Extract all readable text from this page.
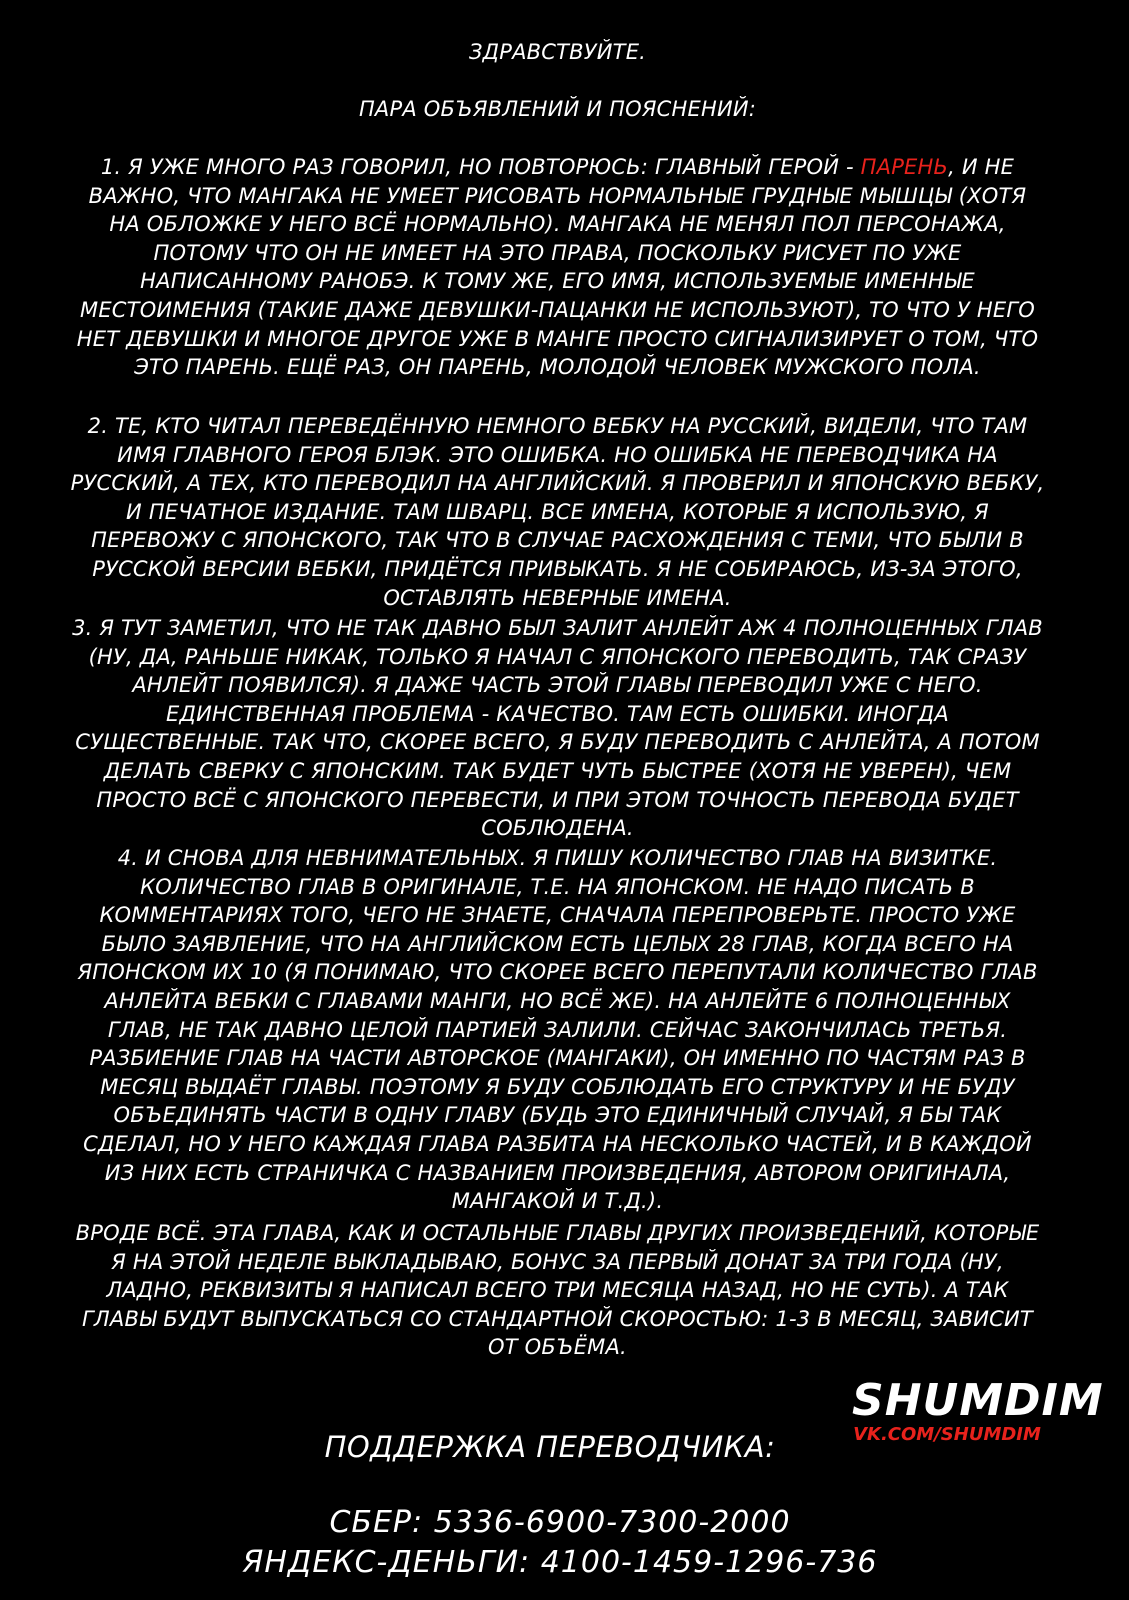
ЗДРАВСТВУЙТЕ.
ПАРА ОБЪЯВЛЕНИЙ И ПОЯСНЕНИЙ:
1. Я УЖЕ МНОГО РАЗ ГОВОРИЛ, НО ПОВТОРЮСЬ: ГЛАВНЫЙ ГЕРОЙ - ПАРЕНЬ, И НЕ ВАЖНО, ЧТО МАНГАКА НЕ УМЕЕТ РИСОВАТЬ НОРМАЛЬНЫЕ ГРУДНЫЕ МЫШЦЫ (ХОТЯ НА ОБЛОЖКЕ У НЕГО ВСЁ НОРМАЛЬНО). МАНГАКА НЕ МЕНЯЛ ПОЛ ПЕРСОНАЖА, ПОТОМУ ЧТО ОН НЕ ИМЕЕТ НА ЭТО ПРАВА, ПОСКОЛЬКУ РИСУЕТ ПО УЖЕ НАПИСАННОМУ РАНОБЭ. К ТОМУ ЖЕ, ЕГО ИМЯ, ИСПОЛЬЗУЕМЫЕ ИМЕННЫЕ МЕСТОИМЕНИЯ (ТАКИЕ ДАЖЕ ДЕВУШКИ-ПАЦАНКИ НЕ ИСПОЛЬЗУЮТ), ТО ЧТО У НЕГО НЕТ ДЕВУШКИ И МНОГОЕ ДРУГОЕ УЖЕ В МАНГЕ ПРОСТО СИГНАЛИЗИРУЕТ О ТОМ, ЧТО ЭТО ПАРЕНЬ. ЕЩЁ РАЗ, ОН ПАРЕНЬ, МОЛОДОЙ ЧЕЛОВЕК МУЖСКОГО ПОЛА.
2. ТЕ, КТО ЧИТАЛ ПЕРЕВЕДЁННУЮ НЕМНОГО ВЕБКУ НА РУССКИЙ, ВИДЕЛИ, ЧТО ТАМ ИМЯ ГЛАВНОГО ГЕРОЯ БЛЭК. ЭТО ОШИБКА. НО ОШИБКА НЕ ПЕРЕВОДЧИКА НА РУССКИЙ, А ТЕХ, КТО ПЕРЕВОДИЛ НА АНГЛИЙСКИЙ. Я ПРОВЕРИЛ И ЯПОНСКУЮ ВЕБКУ, И ПЕЧАТНОЕ ИЗДАНИЕ. ТАМ ШВАРЦ. ВСЕ ИМЕНА, КОТОРЫЕ Я ИСПОЛЬЗУЮ, Я ПЕРЕВОЖУ С ЯПОНСКОГО, ТАК ЧТО В СЛУЧАЕ РАСХОЖДЕНИЯ С ТЕМИ, ЧТО БЫЛИ В РУССКОЙ ВЕРСИИ ВЕБКИ, ПРИДЁТСЯ ПРИВЫКАТЬ. Я НЕ СОБИРАЮСЬ, ИЗ-ЗА ЭТОГО, ОСТАВЛЯТЬ НЕВЕРНЫЕ ИМЕНА.
3. Я ТУТ ЗАМЕТИЛ, ЧТО НЕ ТАК ДАВНО БЫЛ ЗАЛИТ АНЛЕЙТ АЖ 4 ПОЛНОЦЕННЫХ ГЛАВ (НУ, ДА, РАНЬШЕ НИКАК, ТОЛЬКО Я НАЧАЛ С ЯПОНСКОГО ПЕРЕВОДИТЬ, ТАК СРАЗУ АНЛЕЙТ ПОЯВИЛСЯ). Я ДАЖЕ ЧАСТЬ ЭТОЙ ГЛАВЫ ПЕРЕВОДИЛ УЖЕ С НЕГО. ЕДИНСТВЕННАЯ ПРОБЛЕМА - КАЧЕСТВО. ТАМ ЕСТЬ ОШИБКИ. ИНОГДА СУЩЕСТВЕННЫЕ. ТАК ЧТО, СКОРЕЕ ВСЕГО, Я БУДУ ПЕРЕВОДИТЬ С АНЛЕЙТА, А ПОТОМ ДЕЛАТЬ СВЕРКУ С ЯПОНСКИМ. ТАК БУДЕТ ЧУТЬ БЫСТРЕЕ (ХОТЯ НЕ УВЕРЕН), ЧЕМ ПРОСТО ВСЁ С ЯПОНСКОГО ПЕРЕВЕСТИ, И ПРИ ЭТОМ ТОЧНОСТЬ ПЕРЕВОДА БУДЕТ СОБЛЮДЕНА.
4. И СНОВА ДЛЯ НЕВНИМАТЕЛЬНЫХ. Я ПИШУ КОЛИЧЕСТВО ГЛАВ НА ВИЗИТКЕ. КОЛИЧЕСТВО ГЛАВ В ОРИГИНАЛЕ, Т.Е. НА ЯПОНСКОМ. НЕ НАДО ПИСАТЬ В КОММЕНТАРИЯХ ТОГО, ЧЕГО НЕ ЗНАЕТЕ, СНАЧАЛА ПЕРЕПРОВЕРЬТЕ. ПРОСТО УЖЕ БЫЛО ЗАЯВЛЕНИЕ, ЧТО НА АНГЛИЙСКОМ ЕСТЬ ЦЕЛЫХ 28 ГЛАВ, КОГДА ВСЕГО НА ЯПОНСКОМ ИХ 10 (Я ПОНИМАЮ, ЧТО СКОРЕЕ ВСЕГО ПЕРЕПУТАЛИ КОЛИЧЕСТВО ГЛАВ АНЛЕЙТА ВЕБКИ С ГЛАВАМИ МАНГИ, НО ВСЁ ЖЕ). НА АНЛЕЙТЕ 6 ПОЛНОЦЕННЫХ ГЛАВ, НЕ ТАК ДАВНО ЦЕЛОЙ ПАРТИЕЙ ЗАЛИЛИ. СЕЙЧАС ЗАКОНЧИЛАСЬ ТРЕТЬЯ. РАЗБИЕНИЕ ГЛАВ НА ЧАСТИ АВТОРСКОЕ (МАНГАКИ), ОН ИМЕННО ПО ЧАСТЯМ РАЗ В МЕСЯЦ ВЫДАЁТ ГЛАВЫ. ПОЭТОМУ Я БУДУ СОБЛЮДАТЬ ЕГО СТРУКТУРУ И НЕ БУДУ ОБЪЕДИНЯТЬ ЧАСТИ В ОДНУ ГЛАВУ (БУДЬ ЭТО ЕДИНИЧНЫЙ СЛУЧАЙ, Я БЫ ТАК СДЕЛАЛ, НО У НЕГО КАЖДАЯ ГЛАВА РАЗБИТА НА НЕСКОЛЬКО ЧАСТЕЙ, И В КАЖДОЙ ИЗ НИХ ЕСТЬ СТРАНИЧКА С НАЗВАНИЕМ ПРОИЗВЕДЕНИЯ, АВТОРОМ ОРИГИНАЛА, МАНГАКОЙ И Т.Д.).
ВРОДЕ ВСЁ. ЭТА ГЛАВА, КАК И ОСТАЛЬНЫЕ ГЛАВЫ ДРУГИХ ПРОИЗВЕДЕНИЙ, КОТОРЫЕ Я НА ЭТОЙ НЕДЕЛЕ ВЫКЛАДЫВАЮ, БОНУС ЗА ПЕРВЫЙ ДОНАТ ЗА ТРИ ГОДА (НУ, ЛАДНО, РЕКВИЗИТЫ Я НАПИСАЛ ВСЕГО ТРИ МЕСЯЦА НАЗАД, НО НЕ СУТЬ). А ТАК ГЛАВЫ БУДУТ ВЫПУСКАТЬСЯ СО СТАНДАРТНОЙ СКОРОСТЬЮ: 1-3 В МЕСЯЦ, ЗАВИСИТ ОТ ОБЪЁМА.
SHUMDIM
VK.COM/SHUMDIM
ПОДДЕРЖКА ПЕРЕВОДЧИКА:
СБЕР: 5336-6900-7300-2000
ЯНДЕКС-ДЕНЬГИ: 4100-1459-1296-736
